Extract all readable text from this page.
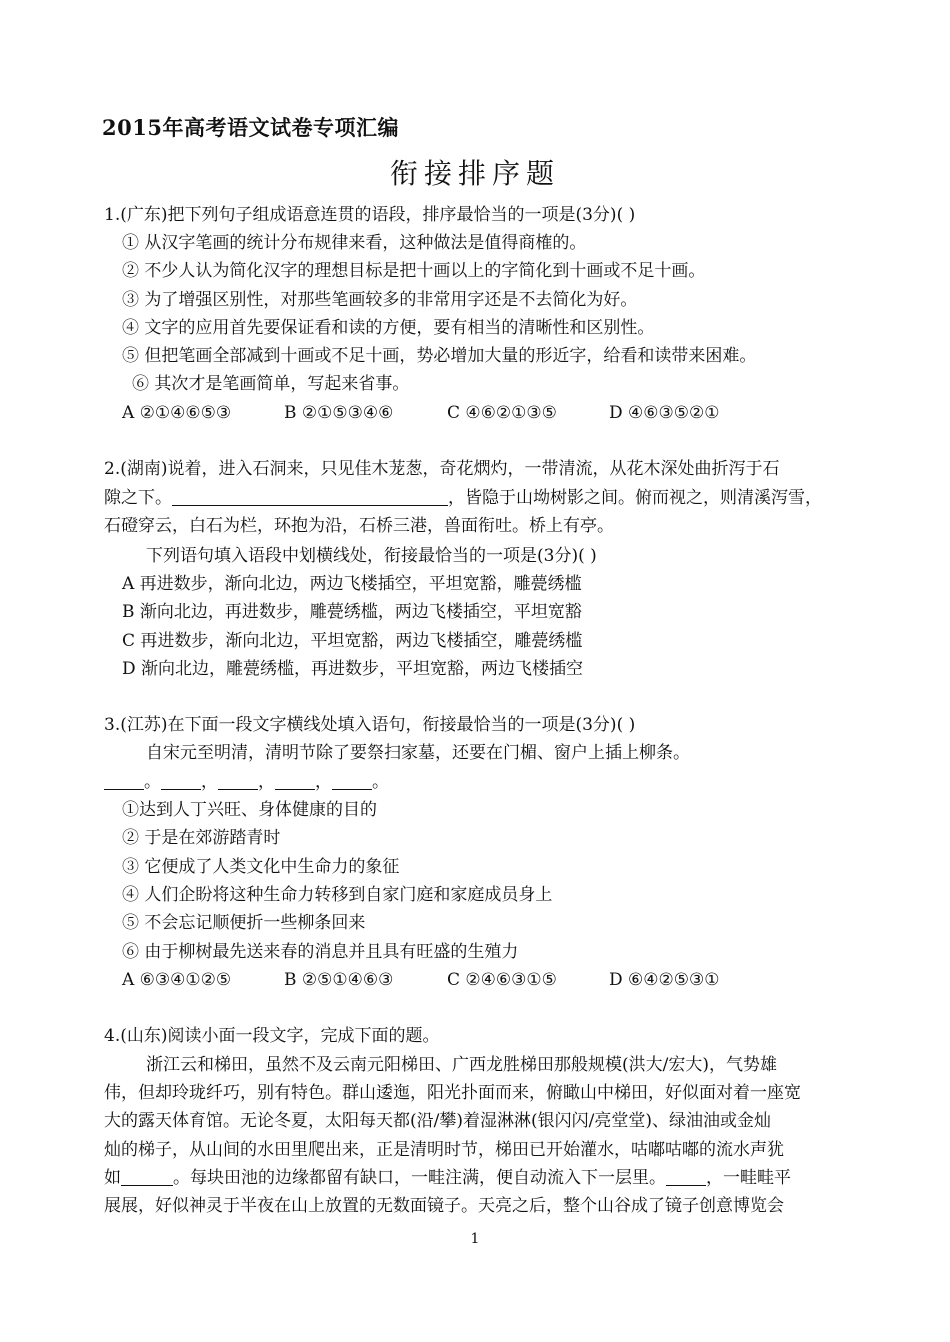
2015年高考语文试卷专项汇编
衔接排序题
1.(广东)把下列句子组成语意连贯的语段，排序最恰当的一项是(3分)( )
① 从汉字笔画的统计分布规律来看，这种做法是值得商榷的。
② 不少人认为简化汉字的理想目标是把十画以上的字简化到十画或不足十画。
③ 为了增强区别性，对那些笔画较多的非常用字还是不去简化为好。
④ 文字的应用首先要保证看和读的方便，要有相当的清晰性和区别性。
⑤ 但把笔画全部减到十画或不足十画，势必增加大量的形近字，给看和读带来困难。
⑥ 其次才是笔画简单，写起来省事。
A ②①④⑥⑤③	B ②①⑤③④⑥	C ④⑥②①③⑤	D ④⑥③⑤②①
2.(湖南)说着，进入石洞来，只见佳木茏葱，奇花熌灼，一带清流，从花木深处曲折泻于石
隙之下。	，皆隐于山坳树影之间。俯而视之，则清溪泻雪，
石磴穿云，白石为栏，环抱为沿，石桥三港，兽面衔吐。桥上有亭。
下列语句填入语段中划横线处，衔接最恰当的一项是(3分)( )
A 再进数步，渐向北边，两边飞楼插空，平坦宽豁，雕甍绣槛
B 渐向北边，再进数步，雕甍绣槛，两边飞楼插空，平坦宽豁
C 再进数步，渐向北边，平坦宽豁，两边飞楼插空，雕甍绣槛
D 渐向北边，雕甍绣槛，再进数步，平坦宽豁，两边飞楼插空
3.(江苏)在下面一段文字横线处填入语句，衔接最恰当的一项是(3分)( )
自宋元至明清，清明节除了要祭扫家墓，还要在门楣、窗户上插上柳条。
。 ， ， ， 。
①达到人丁兴旺、身体健康的目的
② 于是在郊游踏青时
③ 它便成了人类文化中生命力的象征
④ 人们企盼将这种生命力转移到自家门庭和家庭成员身上
⑤ 不会忘记顺便折一些柳条回来
⑥ 由于柳树最先送来春的消息并且具有旺盛的生殖力
A ⑥③④①②⑤	B ②⑤①④⑥③	C ②④⑥③①⑤	D ⑥④②⑤③①
4.(山东)阅读小面一段文字，完成下面的题。
浙江云和梯田，虽然不及云南元阳梯田、广西龙胜梯田那般规模(洪大/宏大)，气势雄
伟，但却玲珑纤巧，别有特色。群山逶迤，阳光扑面而来，俯瞰山中梯田，好似面对着一座宽
大的露天体育馆。无论冬夏，太阳每天都(沿/攀)着湿淋淋(银闪闪/亮堂堂)、绿油油或金灿
灿的梯子，从山间的水田里爬出来，正是清明时节，梯田已开始灌水，咕嘟咕嘟的流水声犹
如	。每块田池的边缘都留有缺口，一畦注满，便自动流入下一层里。 ，一畦畦平
展展，好似神灵于半夜在山上放置的无数面镜子。天亮之后，整个山谷成了镜子创意博览会
1
